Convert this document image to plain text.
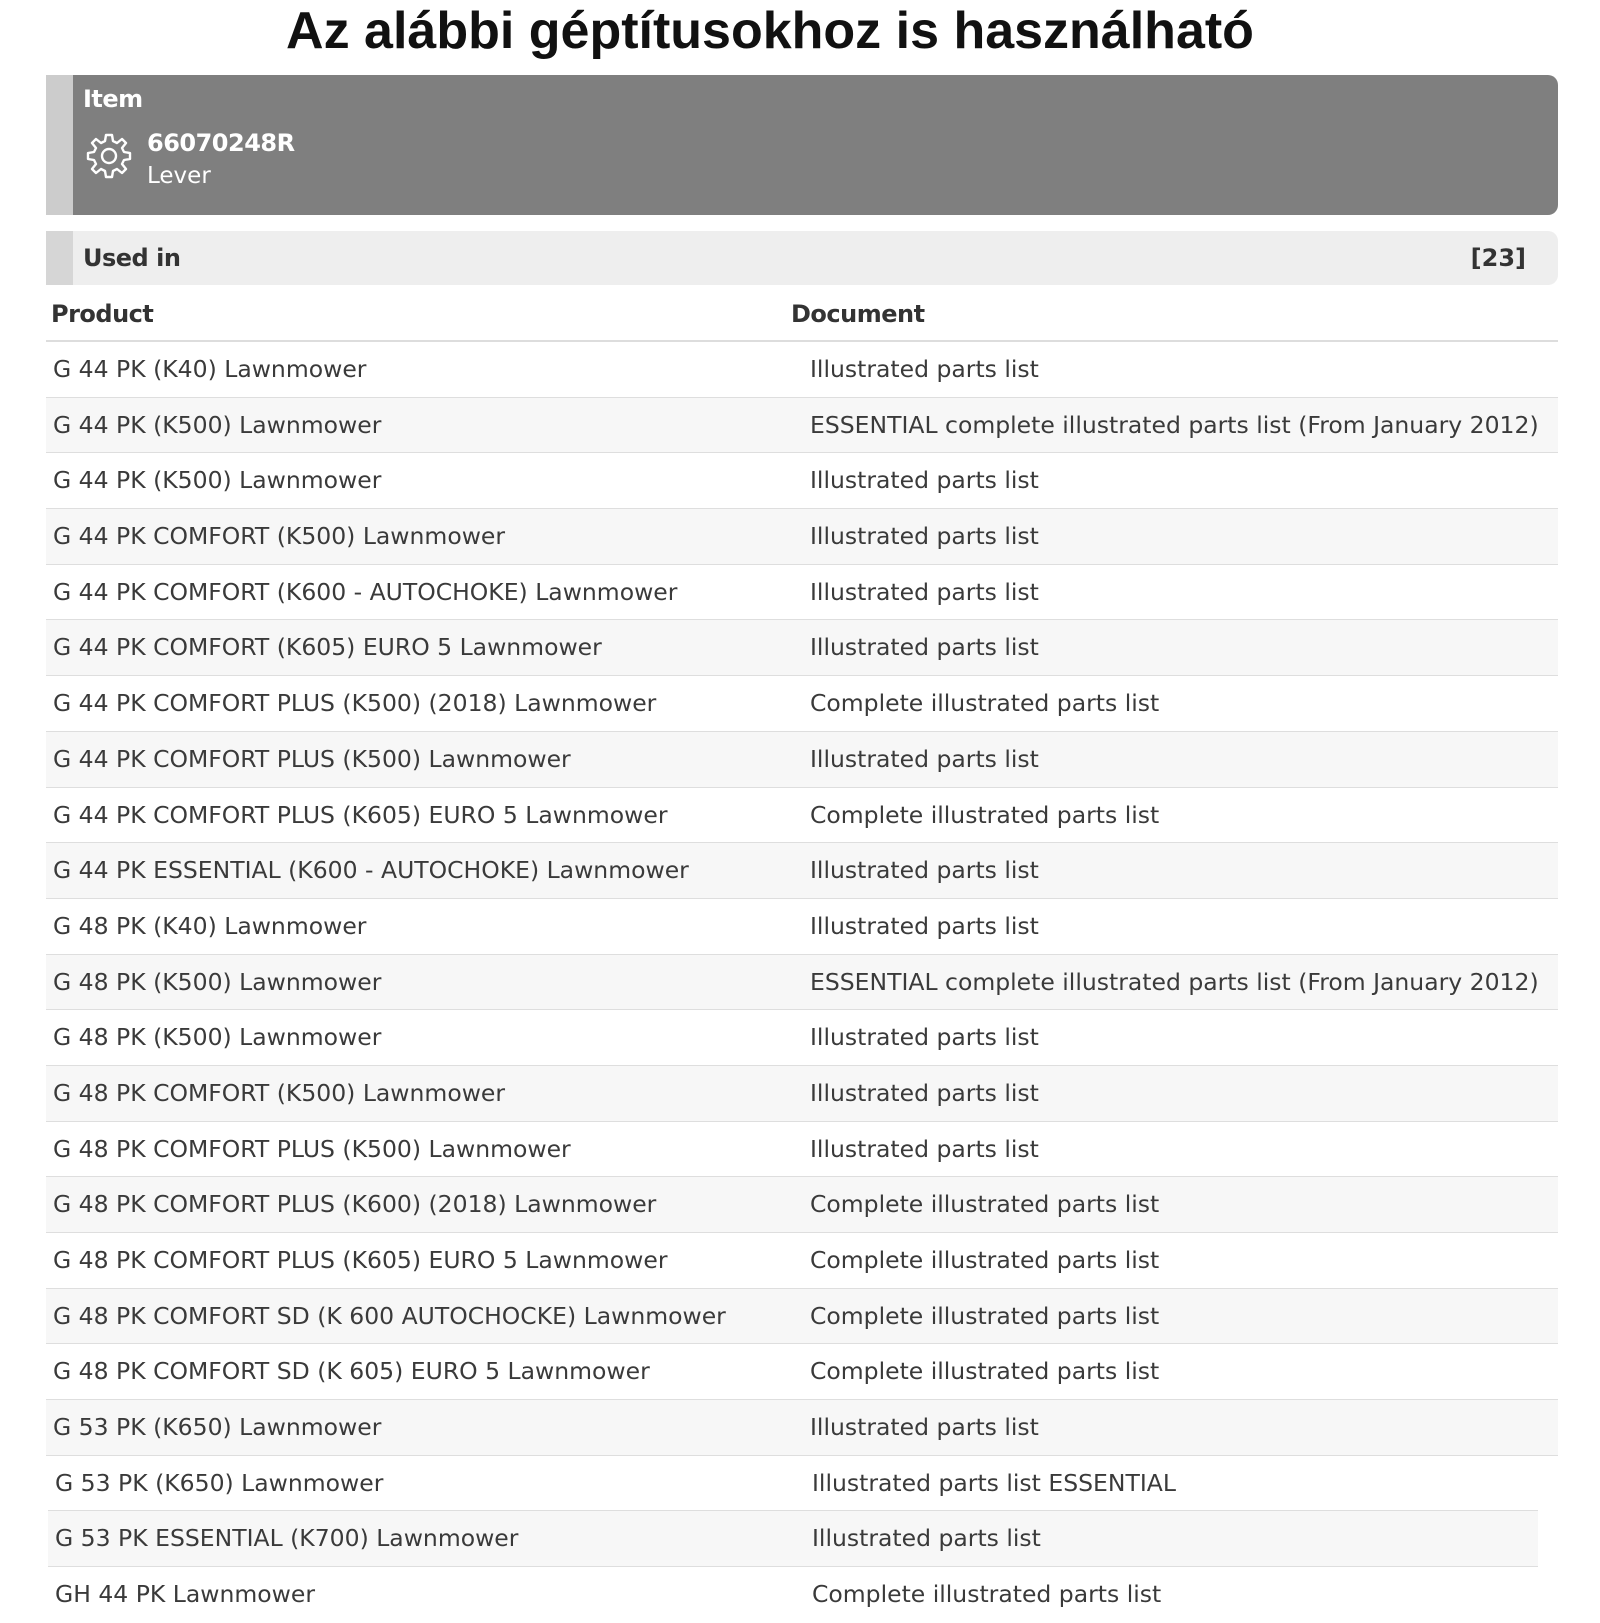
Az alábbi géptítusokhoz is használható
Item
66070248R
Lever
Used in	[23]
Product	Document
G 44 PK (K40) Lawnmower	Illustrated parts list
G 44 PK (K500) Lawnmower	ESSENTIAL complete illustrated parts list (From January 2012)
G 44 PK (K500) Lawnmower	Illustrated parts list
G 44 PK COMFORT (K500) Lawnmower	Illustrated parts list
G 44 PK COMFORT (K600 - AUTOCHOKE) Lawnmower	Illustrated parts list
G 44 PK COMFORT (K605) EURO 5 Lawnmower	Illustrated parts list
G 44 PK COMFORT PLUS (K500) (2018) Lawnmower	Complete illustrated parts list
G 44 PK COMFORT PLUS (K500) Lawnmower	Illustrated parts list
G 44 PK COMFORT PLUS (K605) EURO 5 Lawnmower	Complete illustrated parts list
G 44 PK ESSENTIAL (K600 - AUTOCHOKE) Lawnmower	Illustrated parts list
G 48 PK (K40) Lawnmower	Illustrated parts list
G 48 PK (K500) Lawnmower	ESSENTIAL complete illustrated parts list (From January 2012)
G 48 PK (K500) Lawnmower	Illustrated parts list
G 48 PK COMFORT (K500) Lawnmower	Illustrated parts list
G 48 PK COMFORT PLUS (K500) Lawnmower	Illustrated parts list
G 48 PK COMFORT PLUS (K600) (2018) Lawnmower	Complete illustrated parts list
G 48 PK COMFORT PLUS (K605) EURO 5 Lawnmower	Complete illustrated parts list
G 48 PK COMFORT SD (K 600 AUTOCHOCKE) Lawnmower	Complete illustrated parts list
G 48 PK COMFORT SD (K 605) EURO 5 Lawnmower	Complete illustrated parts list
G 53 PK (K650) Lawnmower	Illustrated parts list
G 53 PK (K650) Lawnmower	Illustrated parts list ESSENTIAL
G 53 PK ESSENTIAL (K700) Lawnmower	Illustrated parts list
GH 44 PK Lawnmower	Complete illustrated parts list
